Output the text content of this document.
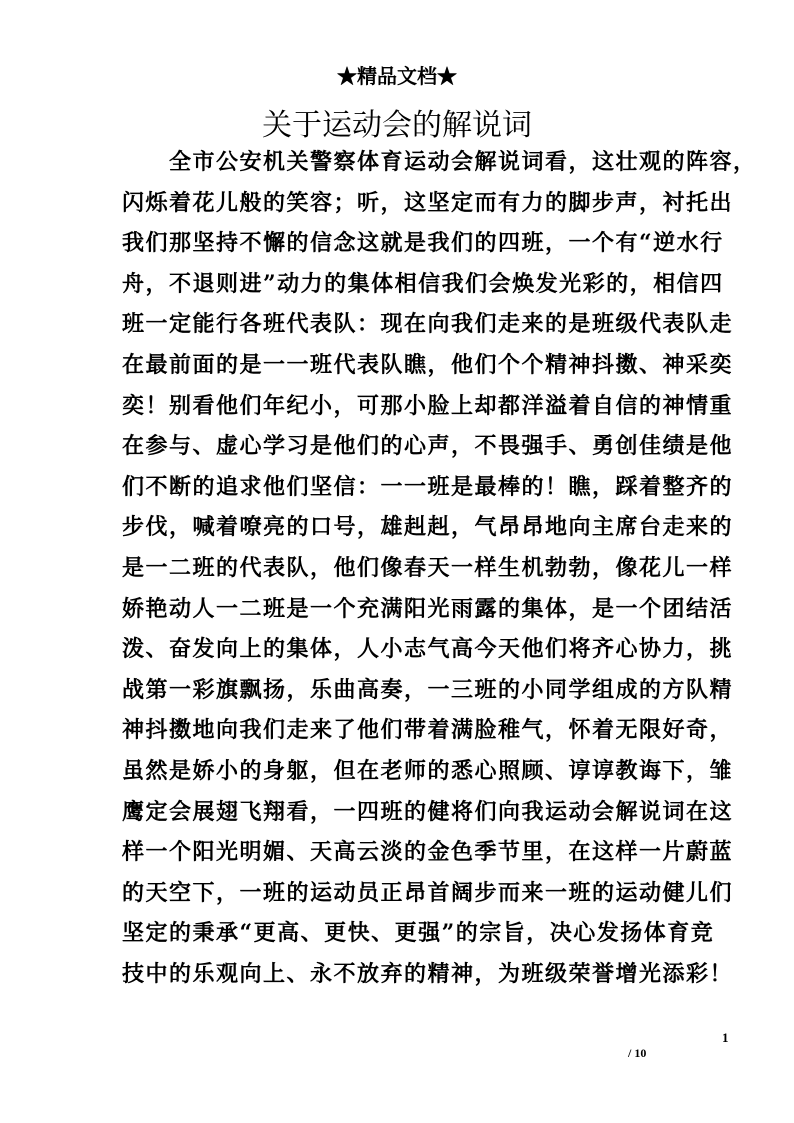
★精品文档★
关于运动会的解说词
　　全市公安机关警察体育运动会解说词看，这壮观的阵容，
闪烁着花儿般的笑容；听，这坚定而有力的脚步声，衬托出
我们那坚持不懈的信念这就是我们的四班，一个有“逆水行
舟，不退则进”动力的集体相信我们会焕发光彩的，相信四
班一定能行各班代表队：现在向我们走来的是班级代表队走
在最前面的是一一班代表队瞧，他们个个精神抖擞、神采奕
奕！别看他们年纪小，可那小脸上却都洋溢着自信的神情重
在参与、虚心学习是他们的心声，不畏强手、勇创佳绩是他
们不断的追求他们坚信：一一班是最棒的！瞧，踩着整齐的
步伐，喊着嘹亮的口号，雄赳赳，气昂昂地向主席台走来的
是一二班的代表队，他们像春天一样生机勃勃，像花儿一样
娇艳动人一二班是一个充满阳光雨露的集体，是一个团结活
泼、奋发向上的集体，人小志气高今天他们将齐心协力，挑
战第一彩旗飘扬，乐曲高奏，一三班的小同学组成的方队精
神抖擞地向我们走来了他们带着满脸稚气，怀着无限好奇，
虽然是娇小的身躯，但在老师的悉心照顾、谆谆教诲下，雏
鹰定会展翅飞翔看，一四班的健将们向我运动会解说词在这
样一个阳光明媚、天高云淡的金色季节里，在这样一片蔚蓝
的天空下，一班的运动员正昂首阔步而来一班的运动健儿们
坚定的秉承“更高、更快、更强”的宗旨，决心发扬体育竞
技中的乐观向上、永不放弃的精神，为班级荣誉增光添彩！
1
/ 10
